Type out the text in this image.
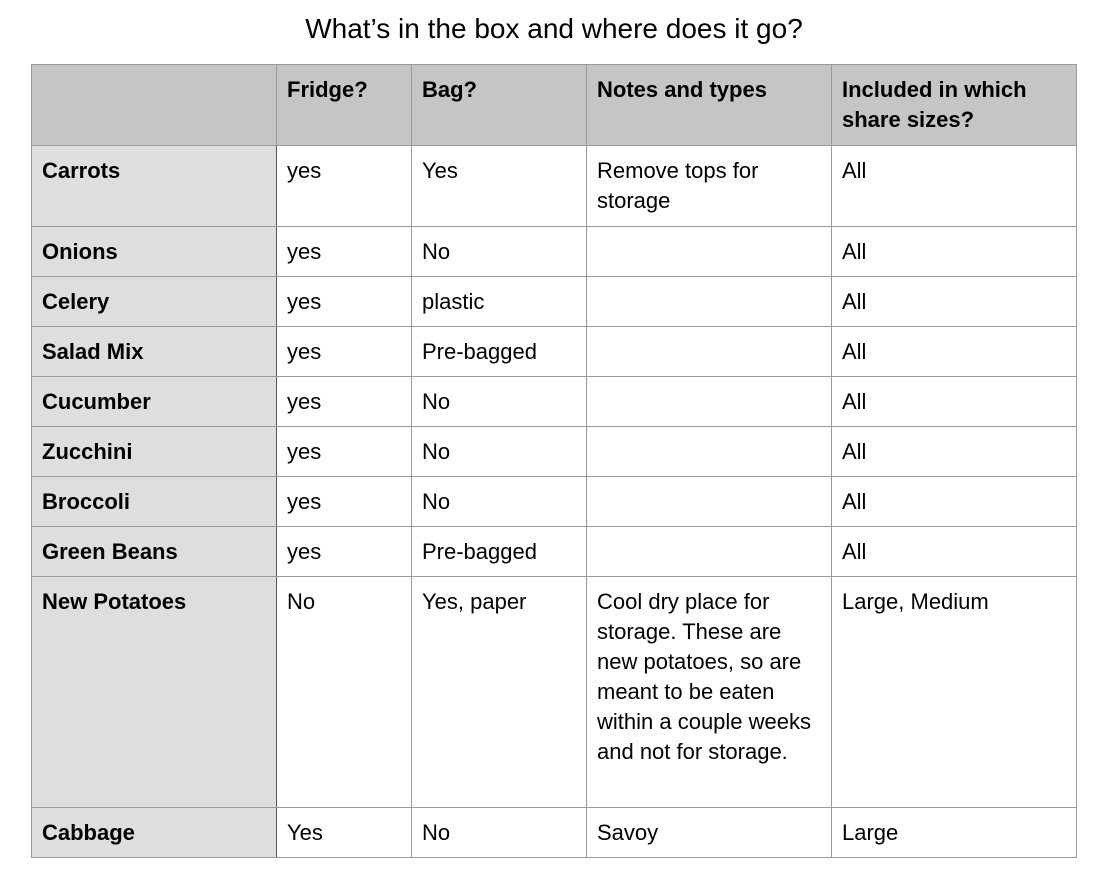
What’s in the box and where does it go?
	Fridge?	Bag?	Notes and types	Included in which share sizes?
Carrots	yes	Yes	Remove tops for storage	All
Onions	yes	No		All
Celery	yes	plastic		All
Salad Mix	yes	Pre-bagged		All
Cucumber	yes	No		All
Zucchini	yes	No		All
Broccoli	yes	No		All
Green Beans	yes	Pre-bagged		All
New Potatoes	No	Yes, paper	Cool dry place for storage. These are new potatoes, so are meant to be eaten within a couple weeks and not for storage.	Large, Medium
Cabbage	Yes	No	Savoy	Large
